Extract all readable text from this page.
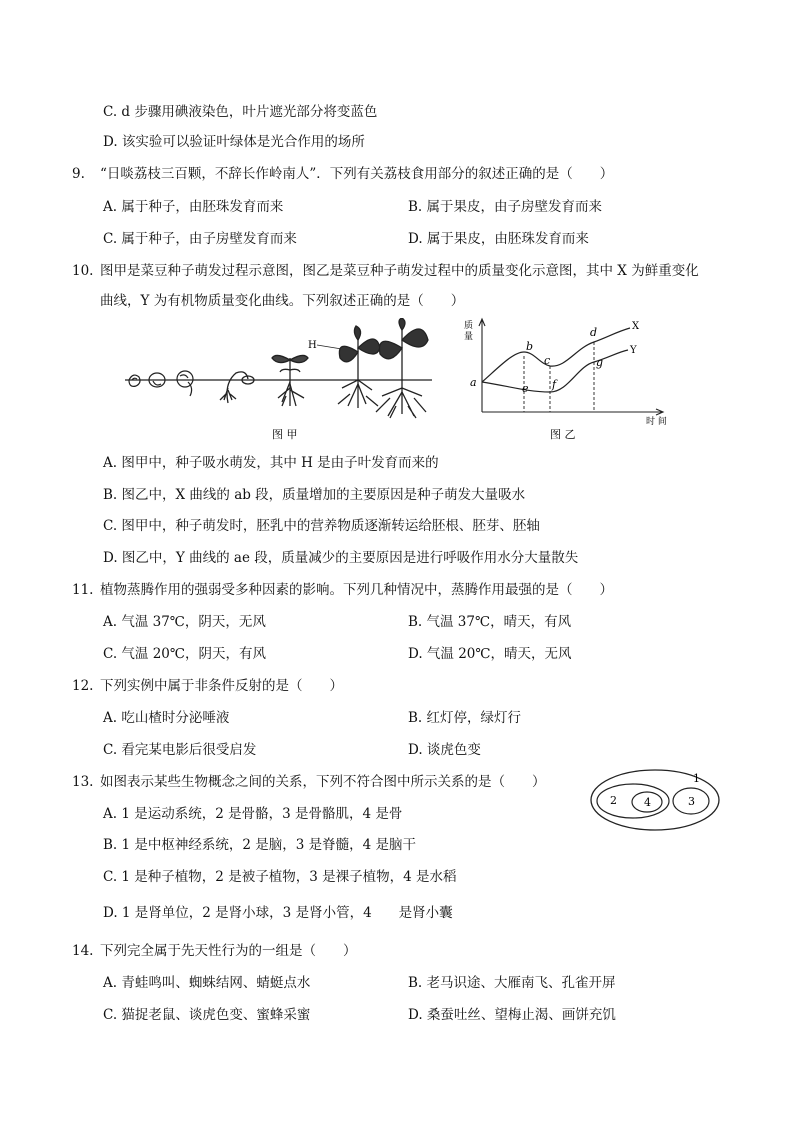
C. d 步骤用碘液染色，叶片遮光部分将变蓝色
D. 该实验可以验证叶绿体是光合作用的场所
9. “日啖荔枝三百颗，不辞长作岭南人”．下列有关荔枝食用部分的叙述正确的是（　　）
A. 属于种子，由胚珠发育而来	B. 属于果皮，由子房壁发育而来
C. 属于种子，由子房壁发育而来	D. 属于果皮，由胚珠发育而来
10. 图甲是菜豆种子萌发过程示意图，图乙是菜豆种子萌发过程中的质量变化示意图，其中 X 为鲜重变化
曲线，Y 为有机物质量变化曲线。下列叙述正确的是（　　）
H
图 甲
质
量
时 间
X
Y
a
b
c
d
e f
g
图 乙
A. 图甲中，种子吸水萌发，其中 H 是由子叶发育而来的
B. 图乙中，X 曲线的 ab 段，质量增加的主要原因是种子萌发大量吸水
C. 图甲中，种子萌发时，胚乳中的营养物质逐渐转运给胚根、胚芽、胚轴
D. 图乙中，Y 曲线的 ae 段，质量减少的主要原因是进行呼吸作用水分大量散失
11. 植物蒸腾作用的强弱受多种因素的影响。下列几种情况中，蒸腾作用最强的是（　　）
A. 气温 37℃，阴天，无风	B. 气温 37℃，晴天，有风
C. 气温 20℃，阴天，有风	D. 气温 20℃，晴天，无风
12. 下列实例中属于非条件反射的是（　　）
A. 吃山楂时分泌唾液	B. 红灯停，绿灯行
C. 看完某电影后很受启发	D. 谈虎色变
13. 如图表示某些生物概念之间的关系，下列不符合图中所示关系的是（　　）	1
2 4	3
A. 1 是运动系统，2 是骨骼，3 是骨骼肌，4 是骨
B. 1 是中枢神经系统，2 是脑，3 是脊髓，4 是脑干
C. 1 是种子植物，2 是被子植物，3 是裸子植物，4 是水稻
D. 1 是肾单位，2 是肾小球，3 是肾小管，4　　是肾小囊
14. 下列完全属于先天性行为的一组是（　　）
A. 青蛙鸣叫、蜘蛛结网、蜻蜓点水	B. 老马识途、大雁南飞、孔雀开屏
C. 猫捉老鼠、谈虎色变、蜜蜂采蜜	D. 桑蚕吐丝、望梅止渴、画饼充饥
